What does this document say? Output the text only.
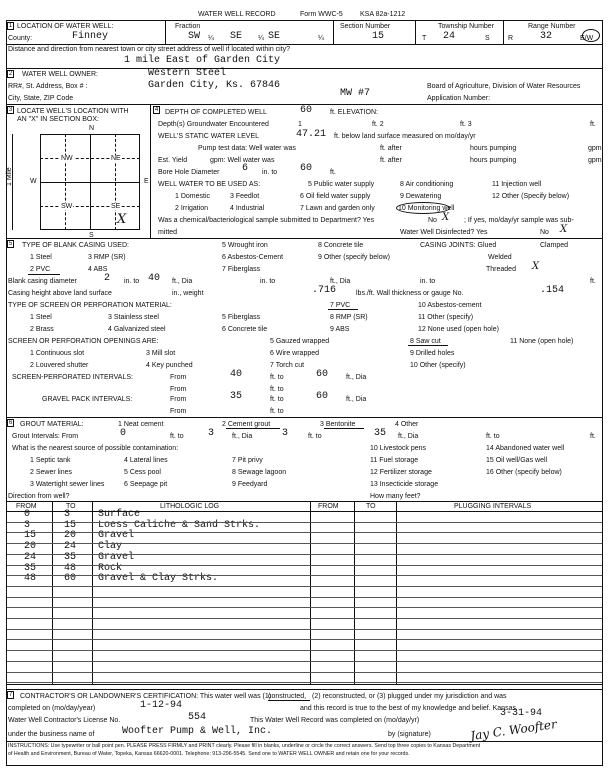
WATER WELL RECORD	Form WWC-5 KSA 82a-1212
1 LOCATION OF WATER WELL:	Fraction	Section Number	Township Number	Range Number
County:	Finney	SW ¼ SE ¼ SE	¼	15	T 24	S	R	32	E/W
Distance and direction from nearest town or city street address of well if located within city?
1 mile East of Garden City
2 WATER WELL OWNER:	Western Steel
RR#, St. Address, Box # :	Garden City, Ks. 67846
MW #7
Board of Agriculture, Division of Water Resources
City, State, ZIP Code	Application Number:
3 LOCATE WELL'S LOCATION WITH
AN "X" IN SECTION BOX:
N
W	E
S
NW	NE
SW	SE
X
1 Mile
4 DEPTH OF COMPLETED WELL	60	ft. ELEVATION:
Depth(s) Groundwater Encountered	1	ft. 2	ft. 3	ft.
WELL'S STATIC WATER LEVEL	47.21 ft. below land surface measured on mo/day/yr
Pump test data: Well water was	ft. after	hours pumping	gpm
Est. Yield	gpm: Well water was	ft. after	hours pumping	gpm
Bore Hole Diameter 6 in. to 60	ft.
WELL WATER TO BE USED AS:	5 Public water supply	8 Air conditioning	11 Injection well
1 Domestic	3 Feedlot	6 Oil field water supply	9 Dewatering	12 Other (Specify below)
2 Irrigation	4 Industrial	7 Lawn and garden only	10 Monitoring well
Was a chemical/bacteriological sample submitted to Department? Yes	No X ; If yes, mo/day/yr sample was sub-
mitted	Water Well Disinfected? Yes	No X
5 TYPE OF BLANK CASING USED:	5 Wrought iron	8 Concrete tile	CASING JOINTS: Glued	Clamped
1 Steel	3 RMP (SR)	6 Asbestos-Cement	9 Other (specify below)	Welded
2 PVC	4 ABS	7 Fiberglass	Threaded X
Blank casing diameter	2 in. to 40 ft., Dia	in. to	ft., Dia	in. to	ft.
Casing height above land surface	in., weight	.716	lbs./ft. Wall thickness or gauge No.	.154
TYPE OF SCREEN OR PERFORATION MATERIAL:	7 PVC	10 Asbestos-cement
1 Steel	3 Stainless steel	5 Fiberglass	8 RMP (SR)	11 Other (specify)
2 Brass	4 Galvanized steel	6 Concrete tile	9 ABS	12 None used (open hole)
SCREEN OR PERFORATION OPENINGS ARE:	5 Gauzed wrapped	8 Saw cut	11 None (open hole)
1 Continuous slot	3 Mill slot	6 Wire wrapped	9 Drilled holes
2 Louvered shutter	4 Key punched	7 Torch cut	10 Other (specify)
SCREEN-PERFORATED INTERVALS:	From	40	ft. to	60	ft., Dia
From	ft. to
GRAVEL PACK INTERVALS:	From	35	ft. to	60	ft., Dia
From	ft. to
6 GROUT MATERIAL:	1 Neat cement	2 Cement grout	3 Bentonite	4 Other
Grout Intervals: From	0	ft. to 3	ft., Dia	3	ft. to	35 ft., Dia	ft. to	ft.
What is the nearest source of possible contamination:	10 Livestock pens	14 Abandoned water well
1 Septic tank	4 Lateral lines	7 Pit privy	11 Fuel storage	15 Oil well/Gas well
2 Sewer lines	5 Cess pool	8 Sewage lagoon	12 Fertilizer storage	16 Other (specify below)
3 Watertight sewer lines	6 Seepage pit	9 Feedyard	13 Insecticide storage
Direction from well?	How many feet?
FROM	TO	LITHOLOGIC LOG	FROM	TO	PLUGGING INTERVALS
0	3	Surface
3	15 Loess Caliche & Sand Strks.
15	20 Gravel
20	24 Clay
24	35 Gravel
35	48 Rock
48	60 Gravel & Clay Strks.
7 CONTRACTOR'S OR LANDOWNER'S CERTIFICATION: This water well was (1)
constructed, (2) reconstructed, or (3) plugged under my jurisdiction and was
completed on (mo/day/year)	1-12-94	and this record is true to the best of my knowledge and belief. Kansas
Water Well Contractor's License No.	554	This Water Well Record was completed on (mo/day/yr)
3-31-94
under the business name of	Woofter Pump & Well, Inc.	by (signature)	Jay C. Woofter
INSTRUCTIONS: Use typewriter or ball point pen. PLEASE PRESS FIRMLY and PRINT clearly. Please fill in blanks, underline or circle the correct answers. Send top three copies to Kansas Department
of Health and Environment, Bureau of Water, Topeka, Kansas 66620-0001. Telephone: 913-296-5545. Send one to WATER WELL OWNER and retain one for your records.
